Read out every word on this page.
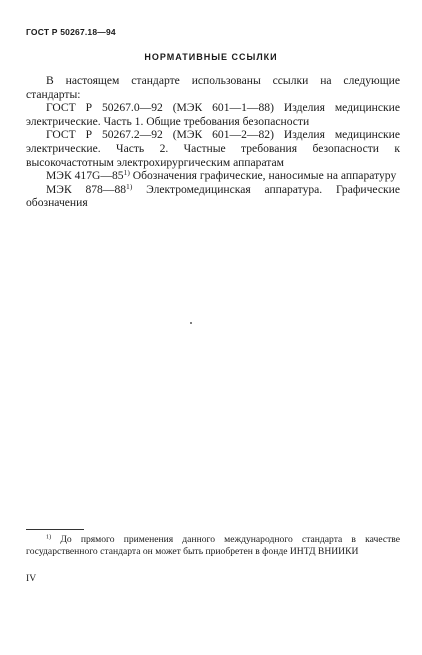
ГОСТ Р 50267.18—94
НОРМАТИВНЫЕ ССЫЛКИ

В настоящем стандарте использованы ссылки на следующие стандарты:

ГОСТ Р 50267.0—92 (МЭК 601—1—88) Изделия медицинские электрические. Часть 1. Общие требования безопасности

ГОСТ Р 50267.2—92 (МЭК 601—2—82) Изделия медицинские электрические. Часть 2. Частные требования безопасности к высокочастотным электрохирургическим аппаратам

МЭК 417G—85$^{1)}$ Обозначения графические, наносимые на аппаратуру

МЭК 878—88$^{1)}$ Электромедицинская аппаратура. Графические обозначения

$^{1)}$ До прямого применения данного международного стандарта в качестве государственного стандарта он может быть приобретен в фонде ИНТД ВНИИКИ

IV
